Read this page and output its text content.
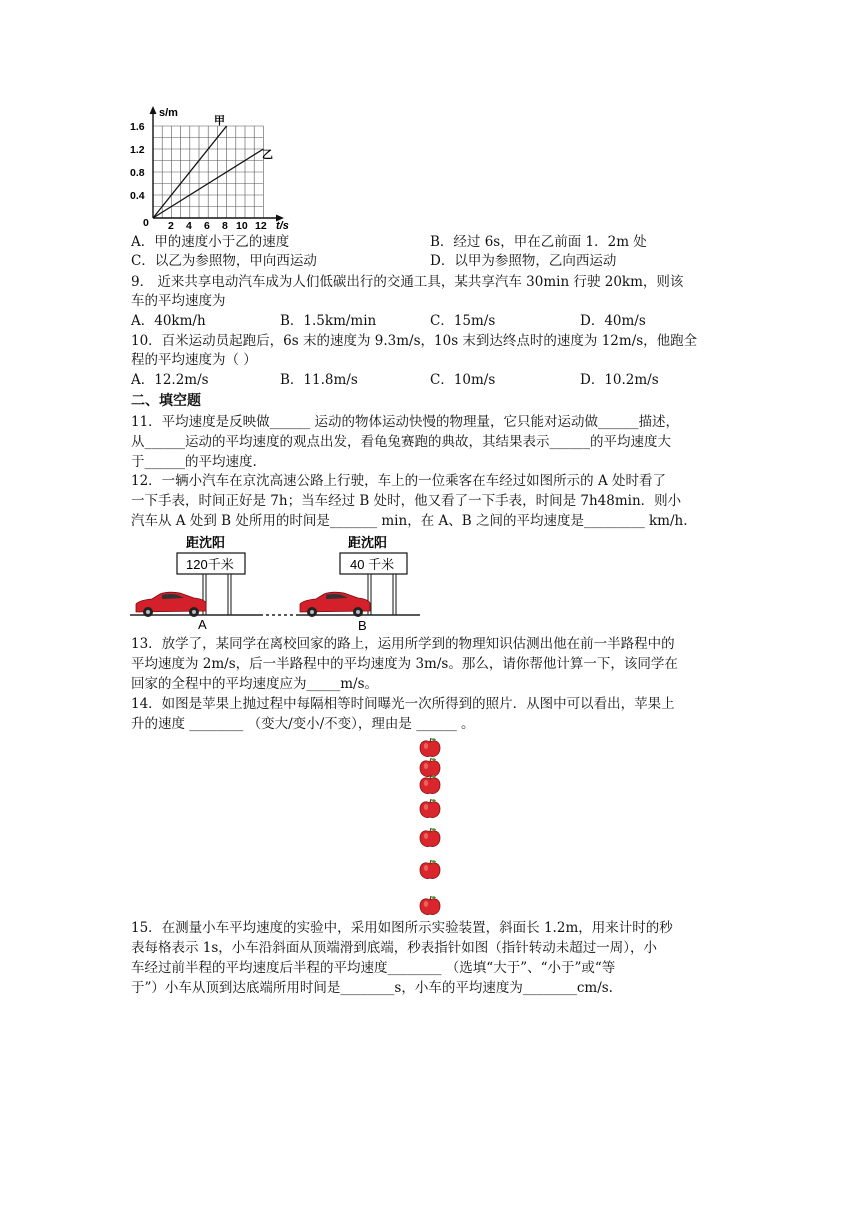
s/m
t/s
1.6
1.2
0.8
0.4
0 2 4 6 8 10 12
甲
乙
A．甲的速度小于乙的速度	B．经过 6s，甲在乙前面 1．2m 处
C．以乙为参照物，甲向西运动	D．以甲为参照物，乙向西运动
9． 近来共享电动汽车成为人们低碳出行的交通工具，某共享汽车 30min 行驶 20km，则该
车的平均速度为
A．40km/h	B．1.5km/min	C．15m/s	D．40m/s
10．百米运动员起跑后，6s 末的速度为 9.3m/s，10s 末到达终点时的速度为 12m/s，他跑全
程的平均速度为（ ）
A．12.2m/s	B．11.8m/s	C．10m/s	D．10.2m/s
二、填空题
11．平均速度是反映做______ 运动的物体运动快慢的物理量，它只能对运动做______描述，
从______运动的平均速度的观点出发，看龟兔赛跑的典故，其结果表示______的平均速度大
于______的平均速度.
12．一辆小汽车在京沈高速公路上行驶，车上的一位乘客在车经过如图所示的 A 处时看了
一下手表，时间正好是 7h；当车经过 B 处时，他又看了一下手表，时间是 7h48min．则小
汽车从 A 处到 B 处所用的时间是_______ min，在 A、B 之间的平均速度是_________ km/h.
距沈阳
120千米
距沈阳
40 千米
A	B
13．放学了，某同学在离校回家的路上，运用所学到的物理知识估测出他在前一半路程中的
平均速度为 2m/s，后一半路程中的平均速度为 3m/s。那么，请你帮他计算一下，该同学在
回家的全程中的平均速度应为_____m/s。
14．如图是苹果上抛过程中每隔相等时间曝光一次所得到的照片．从图中可以看出，苹果上
升的速度 ________ （变大/变小/不变），理由是 ______ 。
15．在测量小车平均速度的实验中，采用如图所示实验装置，斜面长 1.2m，用来计时的秒
表每格表示 1s，小车沿斜面从顶端滑到底端，秒表指针如图（指针转动未超过一周），小
车经过前半程的平均速度后半程的平均速度________ （选填“大于”、“小于”或“等
于”）小车从顶到达底端所用时间是________s，小车的平均速度为________cm/s.
